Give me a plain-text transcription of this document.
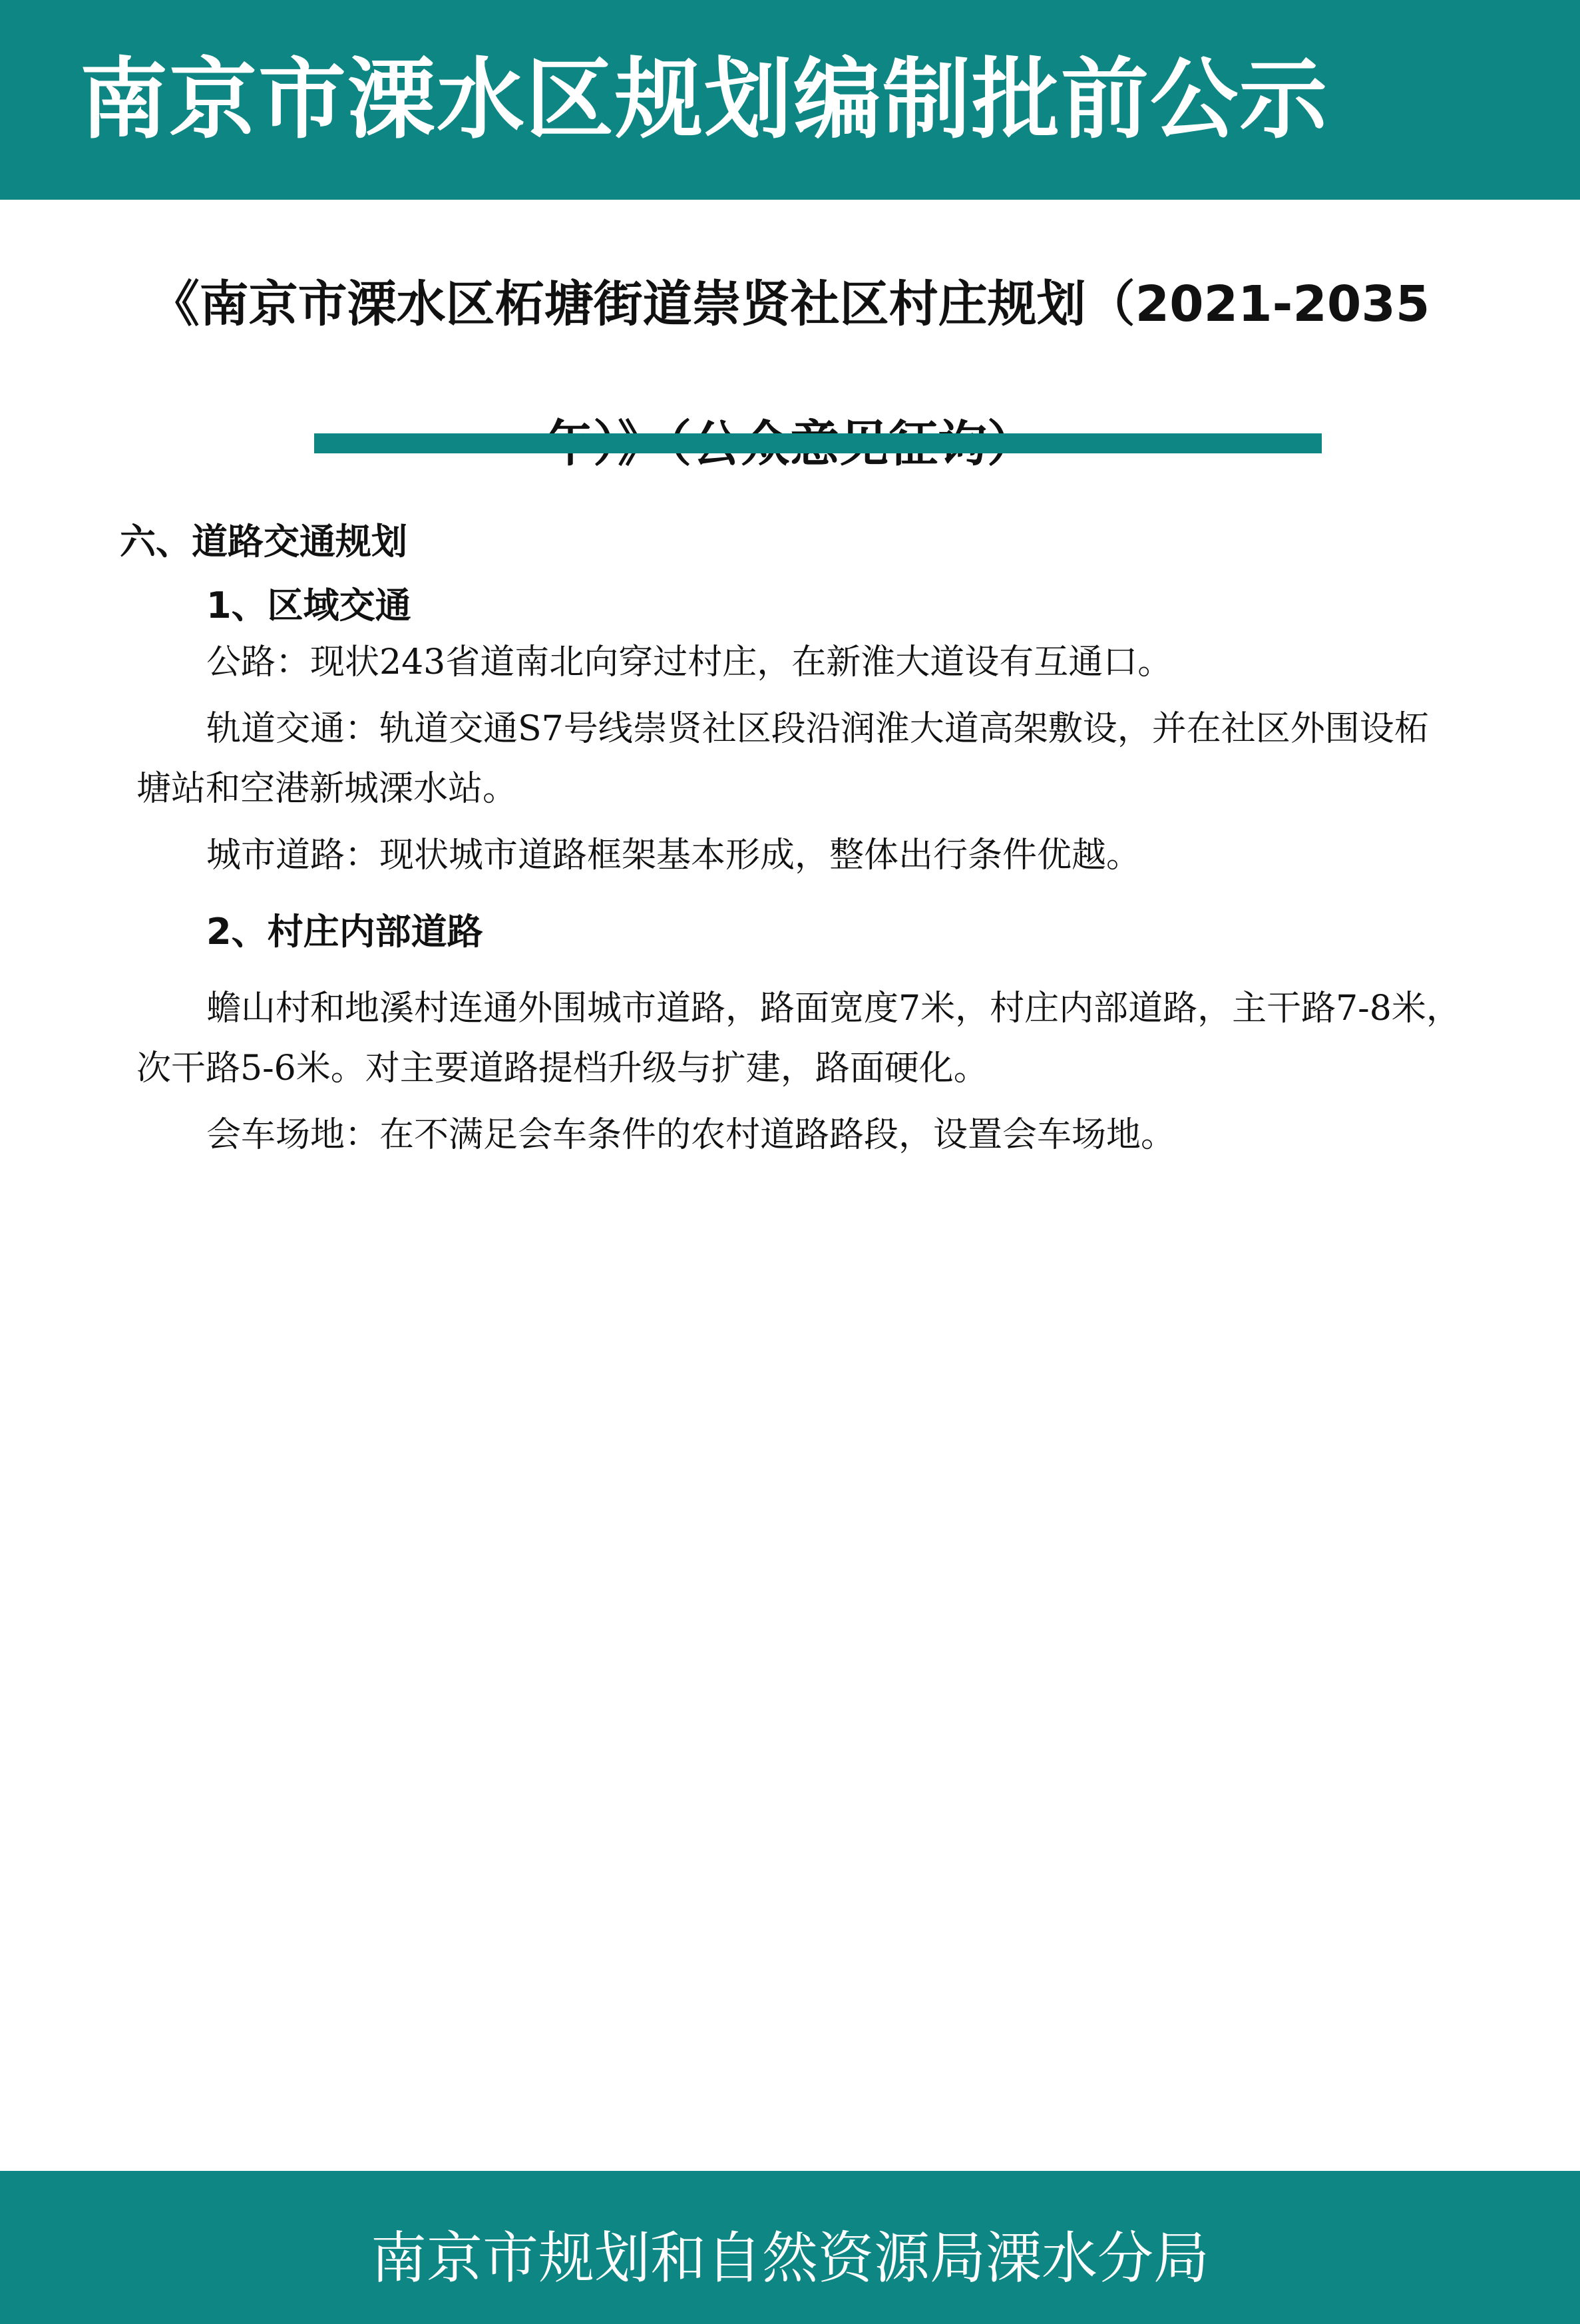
南京市溧水区规划编制批前公示
《南京市溧水区柘塘街道崇贤社区村庄规划（2021-2035
六、道路交通规划
1、区域交通
公路：现状243省道南北向穿过村庄，在新淮大道设有互通口。
轨道交通：轨道交通S7号线崇贤社区段沿润淮大道高架敷设，并在社区外围设柘塘站和空港新城溧水站。
城市道路：现状城市道路框架基本形成，整体出行条件优越。
2、村庄内部道路
蟾山村和地溪村连通外围城市道路，路面宽度7米，村庄内部道路，主干路7-8米，次干路5-6米。对主要道路提档升级与扩建，路面硬化。
会车场地：在不满足会车条件的农村道路路段，设置会车场地。
南京市规划和自然资源局溧水分局
